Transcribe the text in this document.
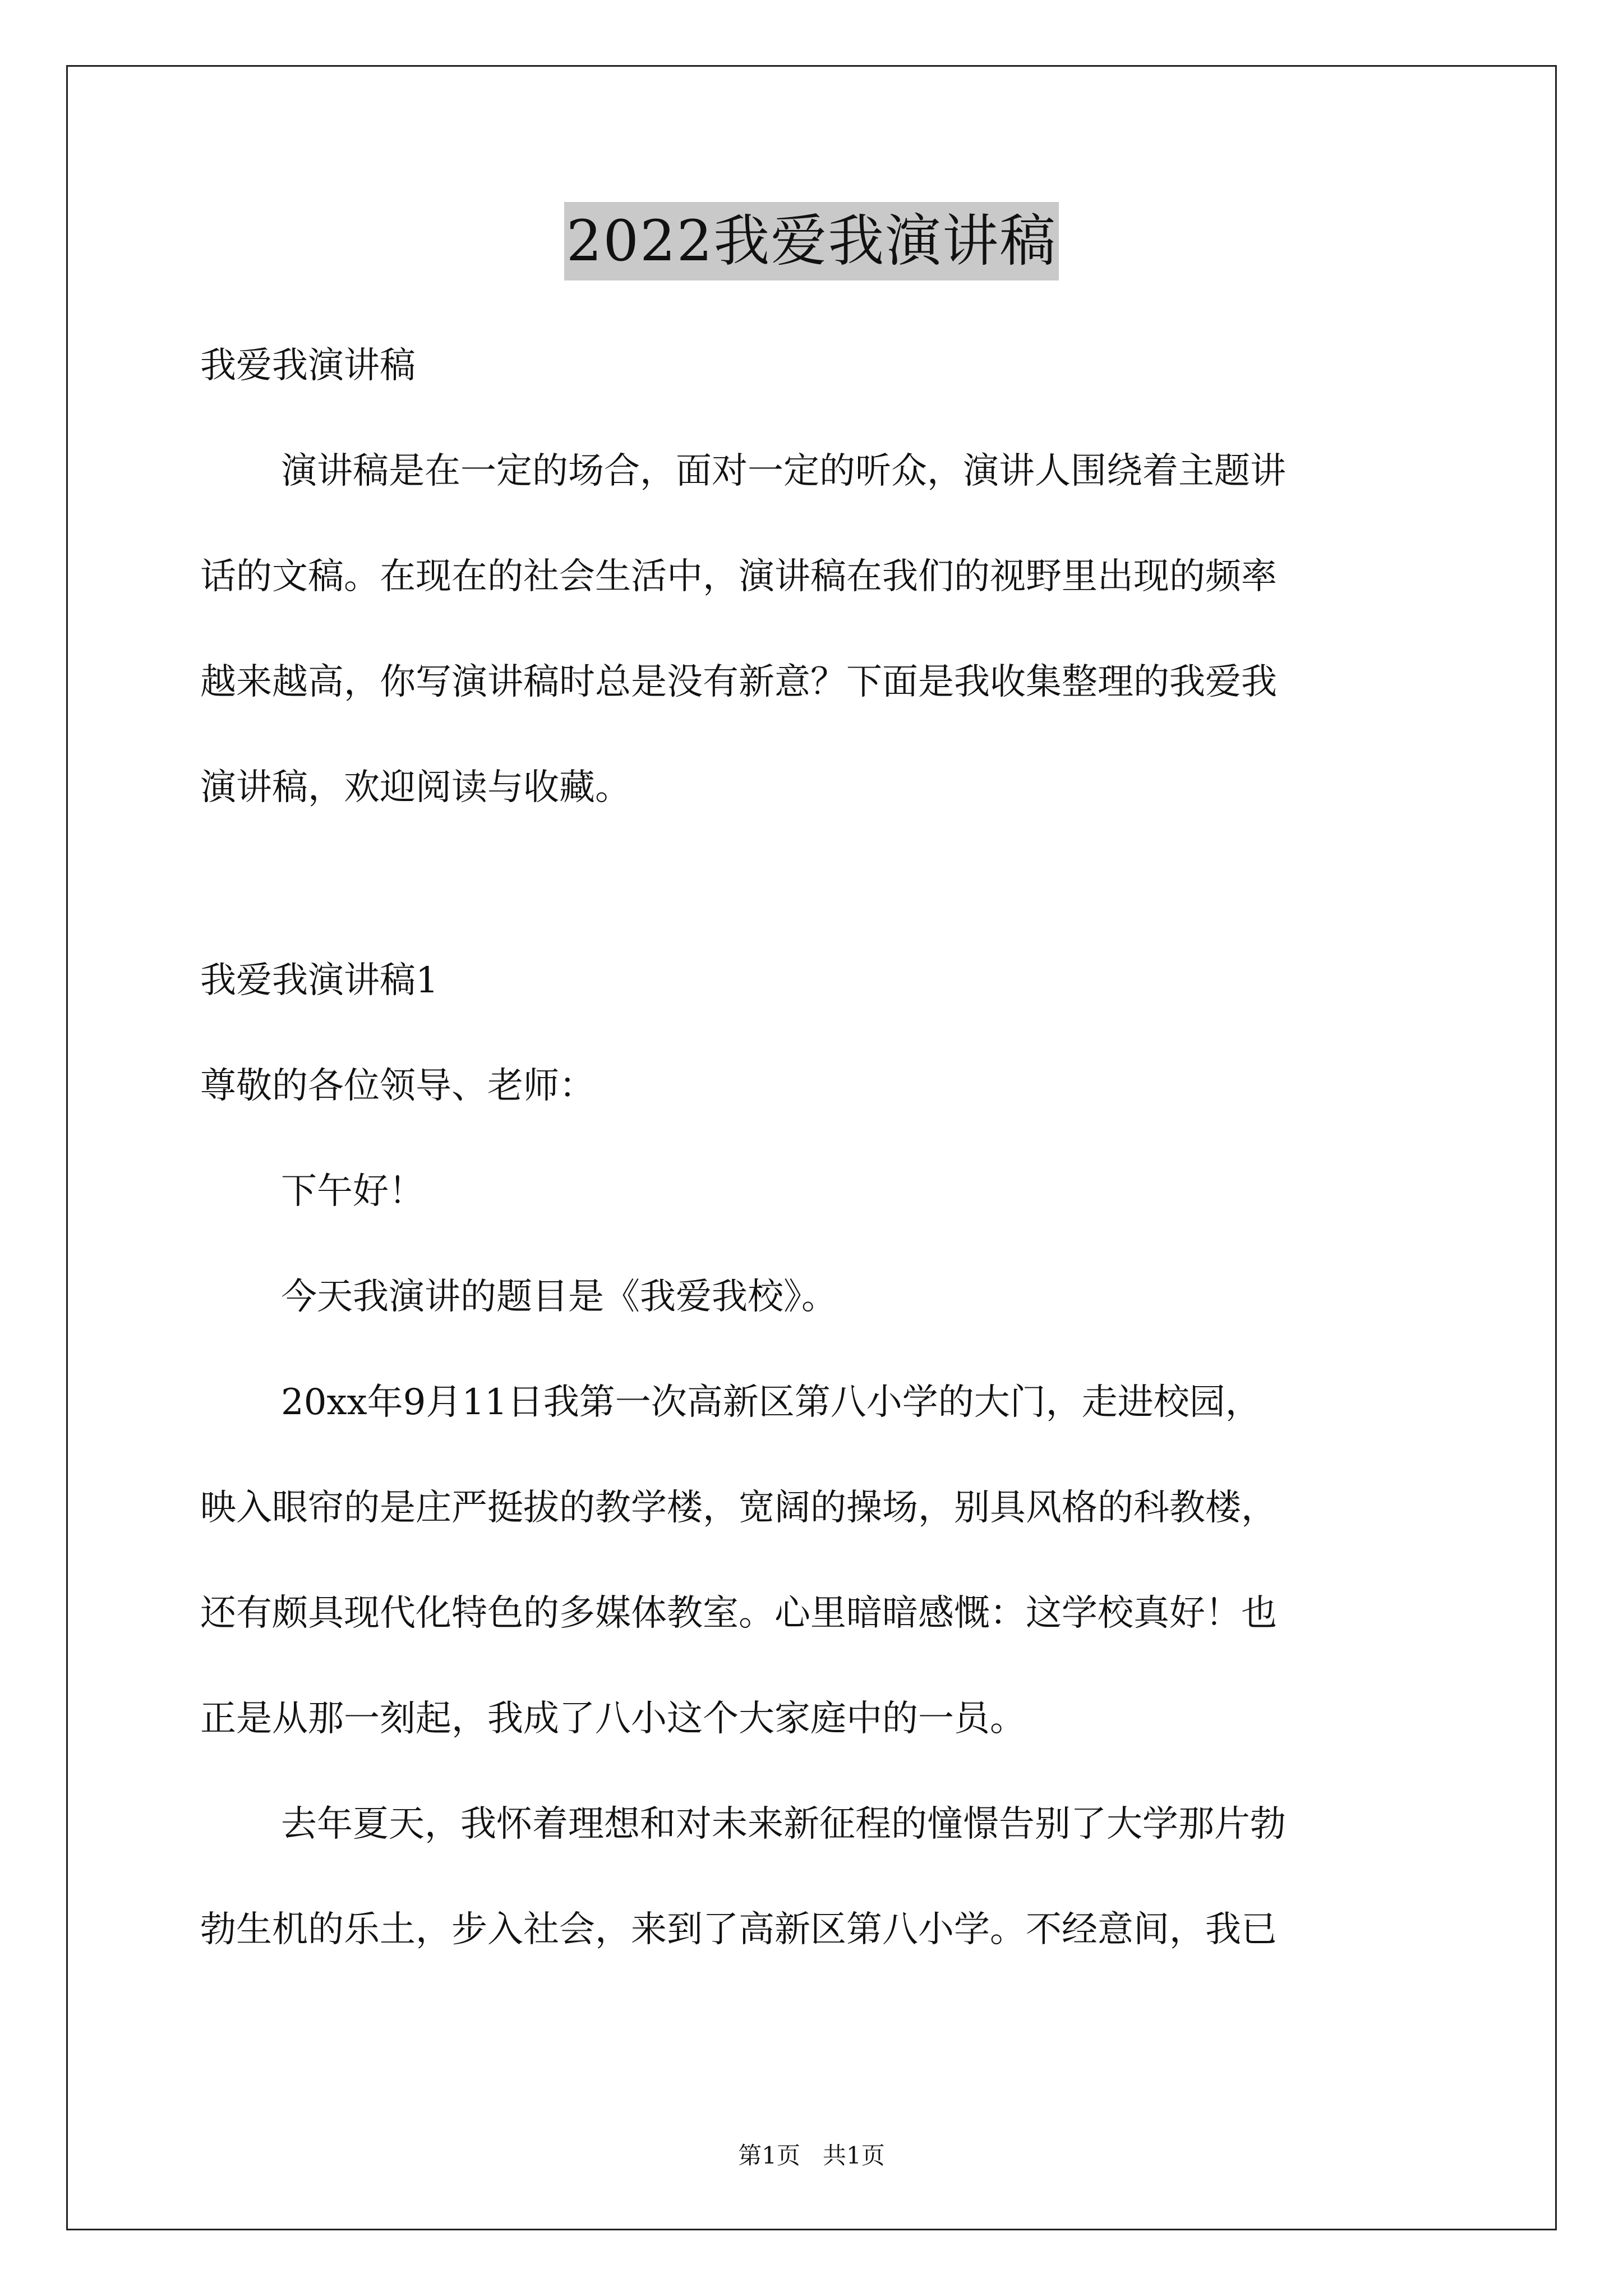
2022我爱我演讲稿

我爱我演讲稿

演讲稿是在一定的场合，面对一定的听众，演讲人围绕着主题讲

话的文稿。在现在的社会生活中，演讲稿在我们的视野里出现的频率

越来越高，你写演讲稿时总是没有新意？下面是我收集整理的我爱我

演讲稿，欢迎阅读与收藏。

我爱我演讲稿1

尊敬的各位领导、老师：

下午好！

今天我演讲的题目是《我爱我校》。

20xx年9月11日我第一次高新区第八小学的大门，走进校园，

映入眼帘的是庄严挺拔的教学楼，宽阔的操场，别具风格的科教楼，

还有颇具现代化特色的多媒体教室。心里暗暗感慨：这学校真好！也

正是从那一刻起，我成了八小这个大家庭中的一员。

去年夏天，我怀着理想和对未来新征程的憧憬告别了大学那片勃

勃生机的乐土，步入社会，来到了高新区第八小学。不经意间，我已

第1页   共1页
